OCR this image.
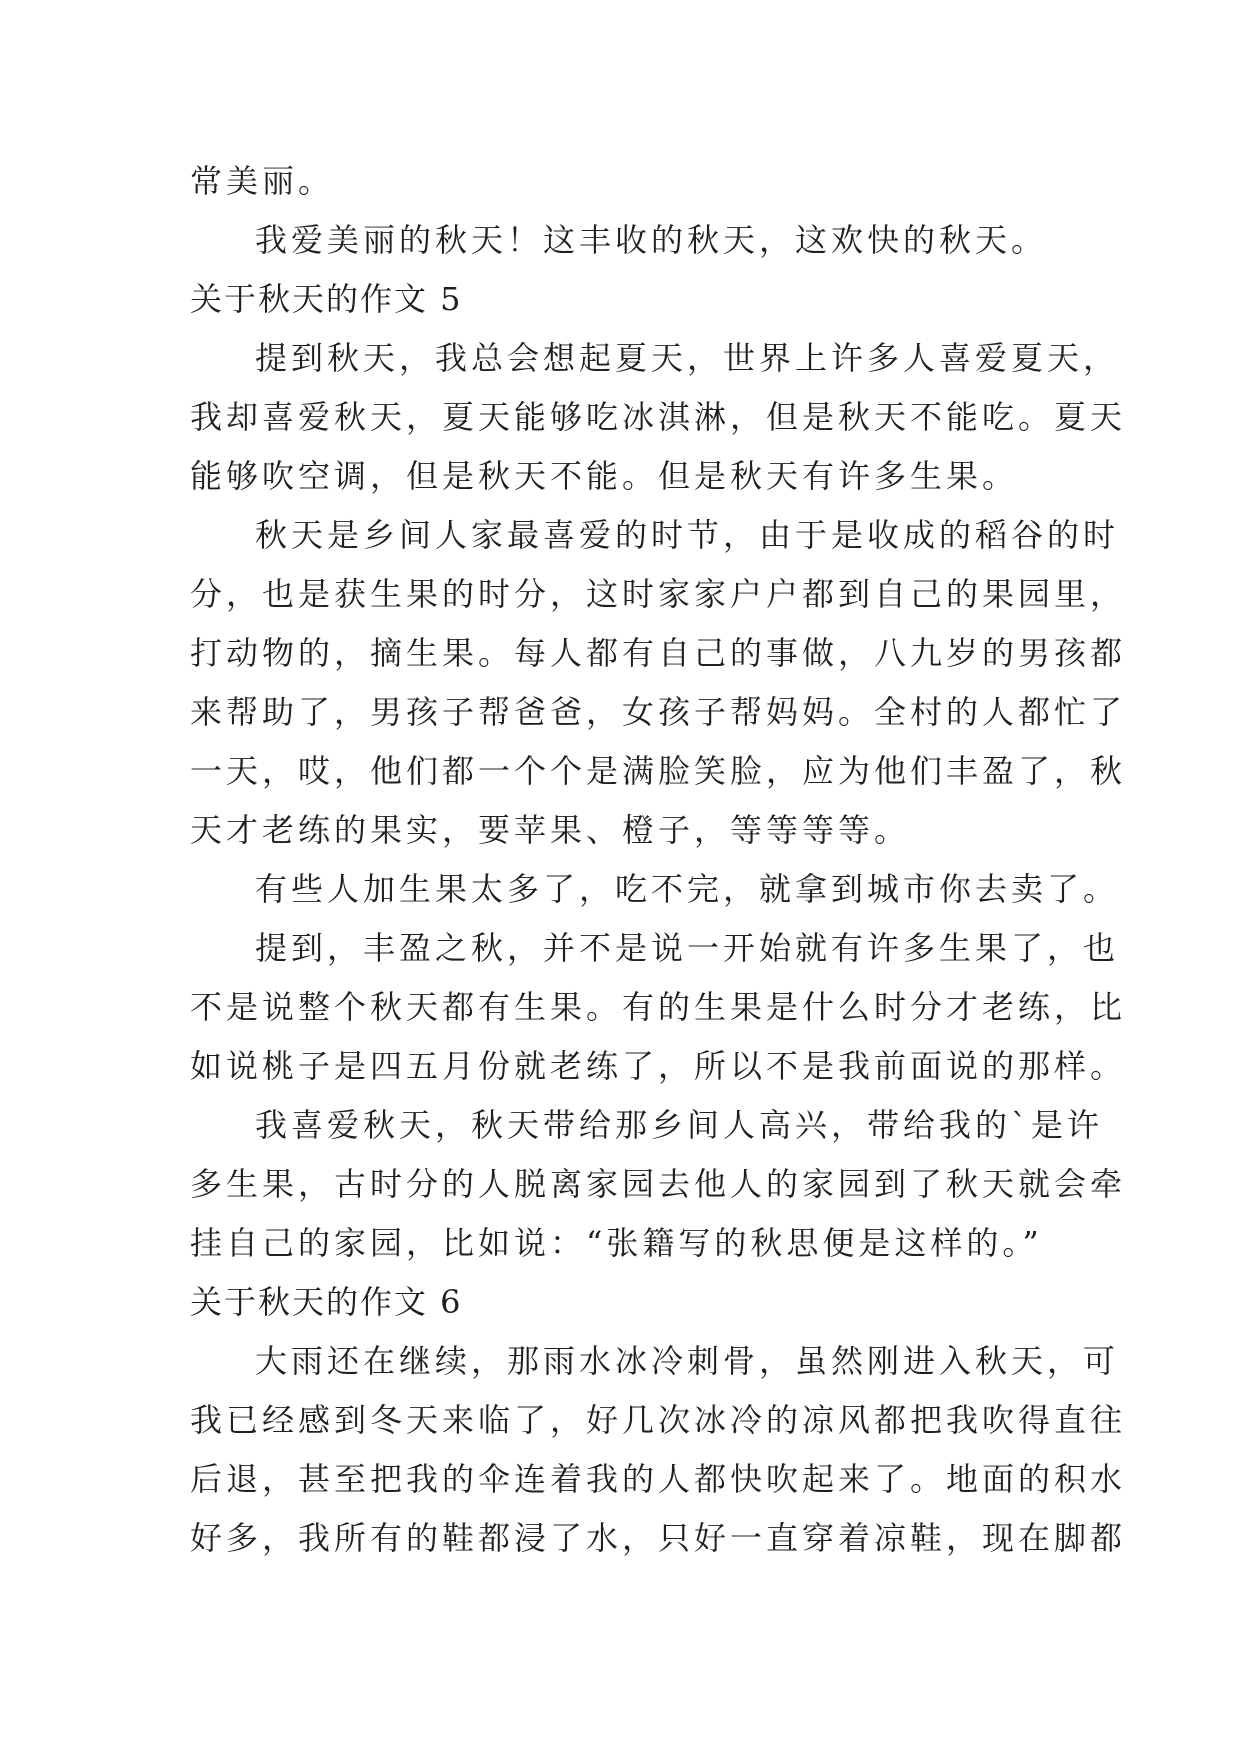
常美丽。
我爱美丽的秋天！这丰收的秋天，这欢快的秋天。
关于秋天的作文 5
提到秋天，我总会想起夏天，世界上许多人喜爱夏天，
我却喜爱秋天，夏天能够吃冰淇淋，但是秋天不能吃。夏天
能够吹空调，但是秋天不能。但是秋天有许多生果。
秋天是乡间人家最喜爱的时节，由于是收成的稻谷的时
分，也是获生果的时分，这时家家户户都到自己的果园里，
打动物的，摘生果。每人都有自己的事做，八九岁的男孩都
来帮助了，男孩子帮爸爸，女孩子帮妈妈。全村的人都忙了
一天，哎，他们都一个个是满脸笑脸，应为他们丰盈了，秋
天才老练的果实，要苹果、橙子，等等等等。
有些人加生果太多了，吃不完，就拿到城市你去卖了。
提到，丰盈之秋，并不是说一开始就有许多生果了，也
不是说整个秋天都有生果。有的生果是什么时分才老练，比
如说桃子是四五月份就老练了，所以不是我前面说的那样。
我喜爱秋天，秋天带给那乡间人高兴，带给我的`是许
多生果，古时分的人脱离家园去他人的家园到了秋天就会牵
挂自己的家园，比如说：“张籍写的秋思便是这样的。”
关于秋天的作文 6
大雨还在继续，那雨水冰冷刺骨，虽然刚进入秋天，可
我已经感到冬天来临了，好几次冰冷的凉风都把我吹得直往
后退，甚至把我的伞连着我的人都快吹起来了。地面的积水
好多，我所有的鞋都浸了水，只好一直穿着凉鞋，现在脚都
